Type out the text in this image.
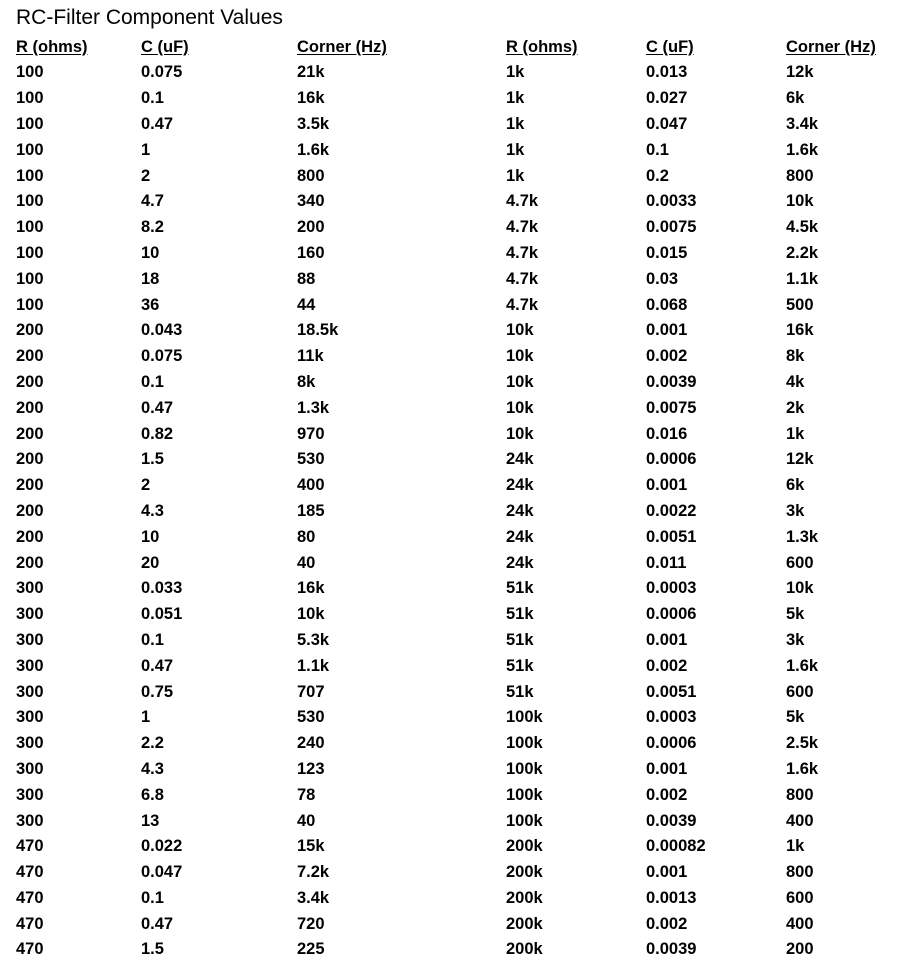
RC-Filter Component Values
R (ohms)	C (uF)	Corner (Hz)
100	0.075	21k
100	0.1	16k
100	0.47	3.5k
100	1	1.6k
100	2	800
100	4.7	340
100	8.2	200
100	10	160
100	18	88
100	36	44
200	0.043	18.5k
200	0.075	11k
200	0.1	8k
200	0.47	1.3k
200	0.82	970
200	1.5	530
200	2	400
200	4.3	185
200	10	80
200	20	40
300	0.033	16k
300	0.051	10k
300	0.1	5.3k
300	0.47	1.1k
300	0.75	707
300	1	530
300	2.2	240
300	4.3	123
300	6.8	78
300	13	40
470	0.022	15k
470	0.047	7.2k
470	0.1	3.4k
470	0.47	720
470	1.5	225
R (ohms)	C (uF)	Corner (Hz)
1k	0.013	12k
1k	0.027	6k
1k	0.047	3.4k
1k	0.1	1.6k
1k	0.2	800
4.7k	0.0033	10k
4.7k	0.0075	4.5k
4.7k	0.015	2.2k
4.7k	0.03	1.1k
4.7k	0.068	500
10k	0.001	16k
10k	0.002	8k
10k	0.0039	4k
10k	0.0075	2k
10k	0.016	1k
24k	0.0006	12k
24k	0.001	6k
24k	0.0022	3k
24k	0.0051	1.3k
24k	0.011	600
51k	0.0003	10k
51k	0.0006	5k
51k	0.001	3k
51k	0.002	1.6k
51k	0.0051	600
100k	0.0003	5k
100k	0.0006	2.5k
100k	0.001	1.6k
100k	0.002	800
100k	0.0039	400
200k	0.00082	1k
200k	0.001	800
200k	0.0013	600
200k	0.002	400
200k	0.0039	200
